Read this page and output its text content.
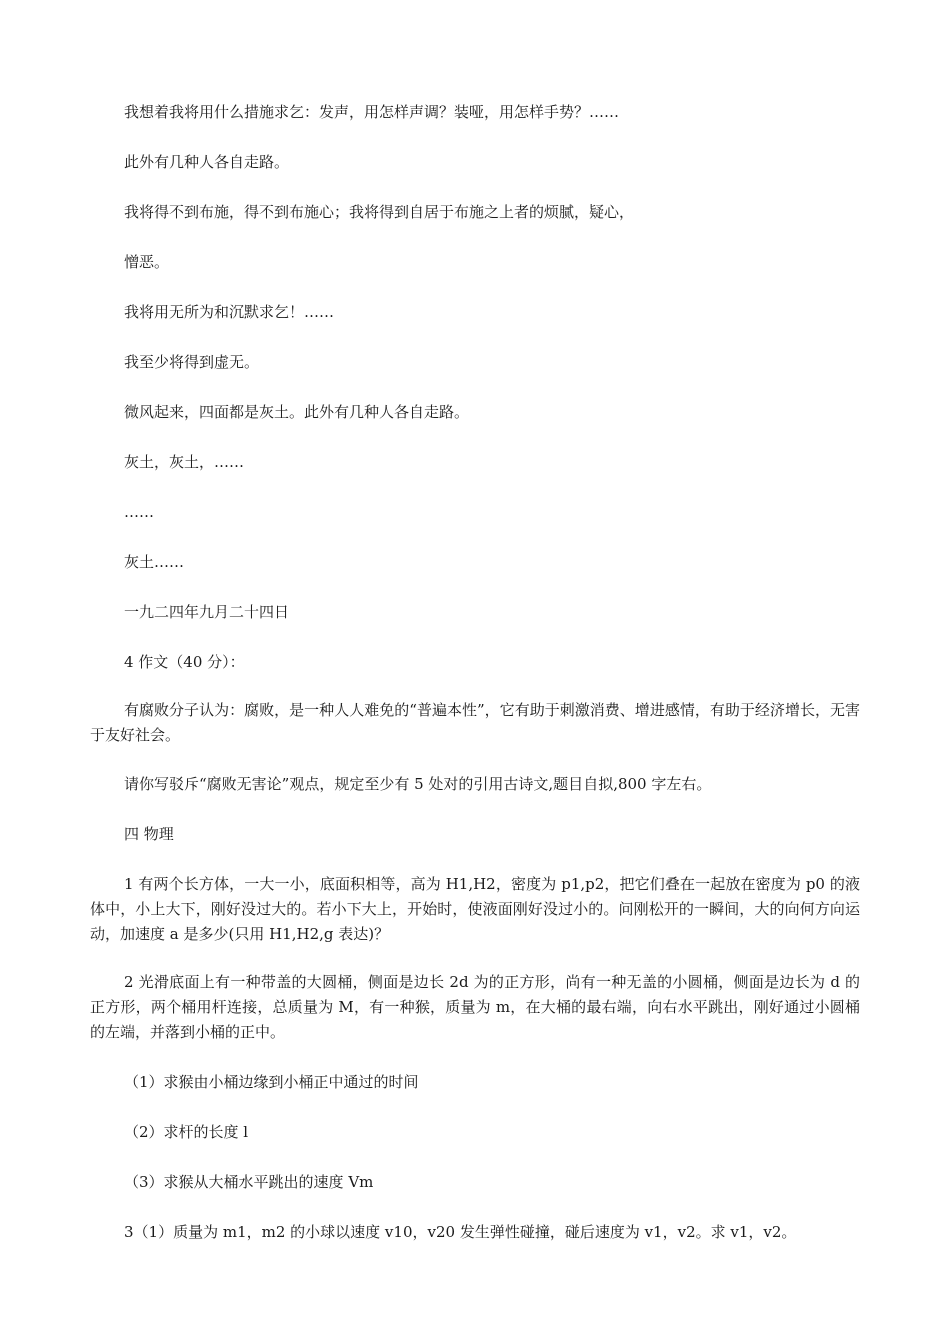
我想着我将用什么措施求乞：发声，用怎样声调？装哑，用怎样手势？……

此外有几种人各自走路。

我将得不到布施，得不到布施心；我将得到自居于布施之上者的烦腻，疑心，

憎恶。

我将用无所为和沉默求乞！……

我至少将得到虚无。

微风起来，四面都是灰土。此外有几种人各自走路。

灰土，灰土，……

……

灰土……

一九二四年九月二十四日

4 作文（40 分）：

有腐败分子认为：腐败，是一种人人难免的“普遍本性”，它有助于刺激消费、增进感情，有助于经济增长，无害于友好社会。

请你写驳斥“腐败无害论”观点，规定至少有 5 处对的引用古诗文,题目自拟,800 字左右。

四 物理

1 有两个长方体，一大一小，底面积相等，高为 H1,H2，密度为 p1,p2，把它们叠在一起放在密度为 p0 的液体中，小上大下，刚好没过大的。若小下大上，开始时，使液面刚好没过小的。问刚松开的一瞬间，大的向何方向运动，加速度 a 是多少(只用 H1,H2,g 表达)？

2 光滑底面上有一种带盖的大圆桶，侧面是边长 2d 为的正方形，尚有一种无盖的小圆桶，侧面是边长为 d 的正方形，两个桶用杆连接，总质量为 M，有一种猴，质量为 m，在大桶的最右端，向右水平跳出，刚好通过小圆桶的左端，并落到小桶的正中。

（1）求猴由小桶边缘到小桶正中通过的时间

（2）求杆的长度 l

（3）求猴从大桶水平跳出的速度 Vm

3（1）质量为 m1，m2 的小球以速度 v10，v20 发生弹性碰撞，碰后速度为 v1，v2。求 v1，v2。
